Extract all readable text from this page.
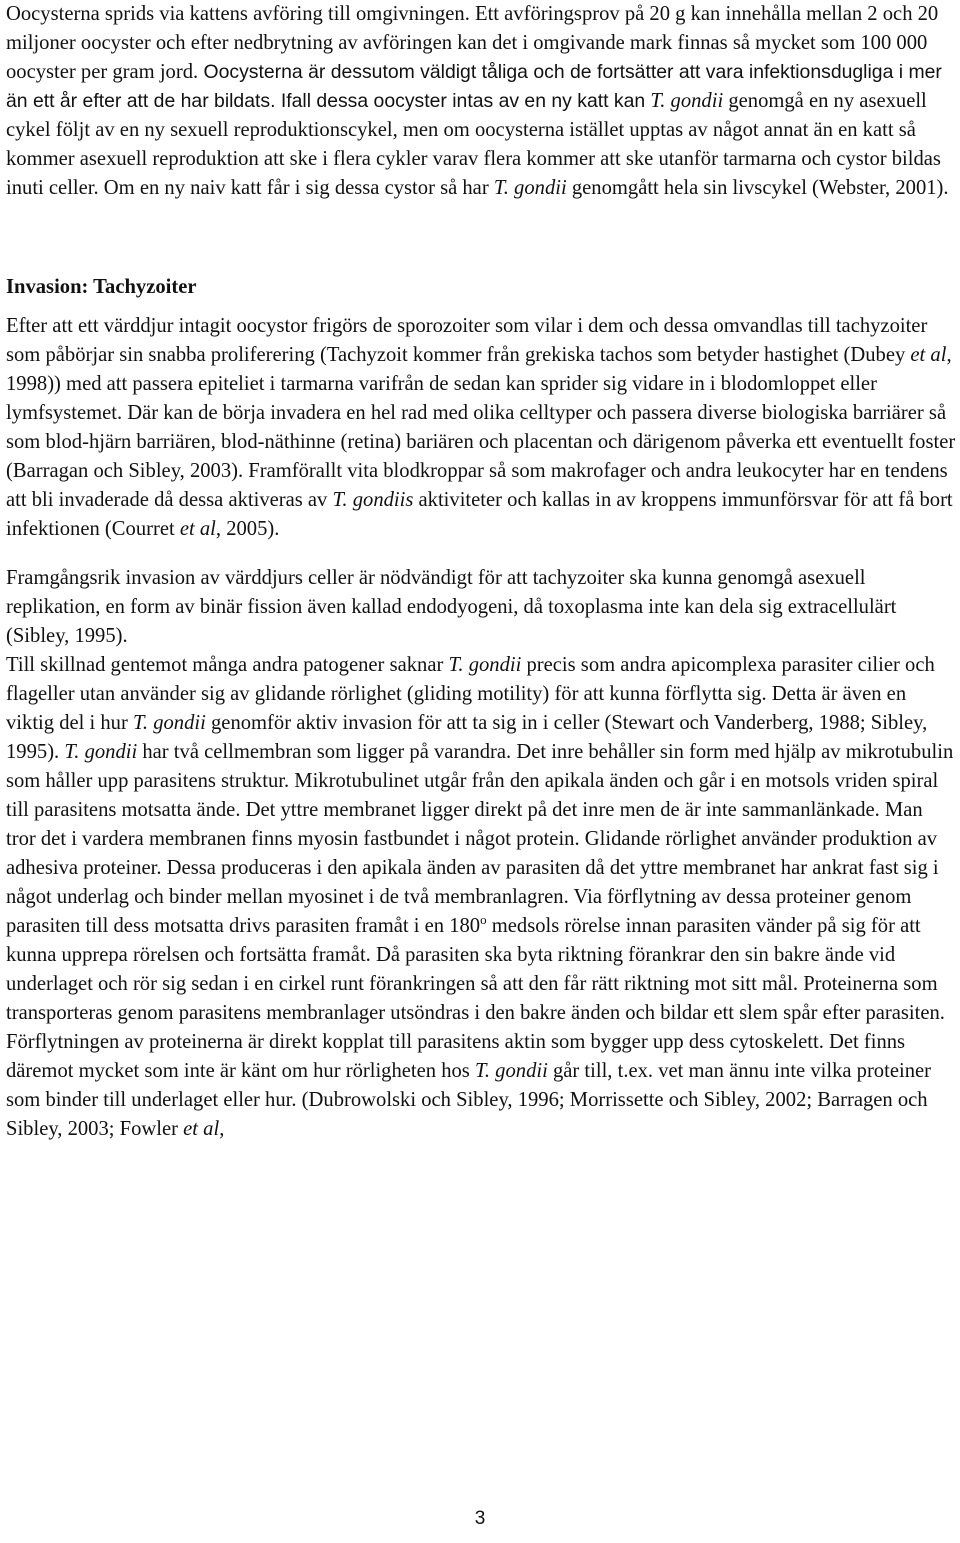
Oocysterna sprids via kattens avföring till omgivningen. Ett avföringsprov på 20 g kan innehålla mellan 2 och 20 miljoner oocyster och efter nedbrytning av avföringen kan det i omgivande mark finnas så mycket som 100 000 oocyster per gram jord. Oocysterna är dessutom väldigt tåliga och de fortsätter att vara infektionsdugliga i mer än ett år efter att de har bildats. Ifall dessa oocyster intas av en ny katt kan T. gondii genomgå en ny asexuell cykel följt av en ny sexuell reproduktionscykel, men om oocysterna istället upptas av något annat än en katt så kommer asexuell reproduktion att ske i flera cykler varav flera kommer att ske utanför tarmarna och cystor bildas inuti celler. Om en ny naiv katt får i sig dessa cystor så har T. gondii genomgått hela sin livscykel (Webster, 2001).

Invasion: Tachyzoiter

Efter att ett värddjur intagit oocystor frigörs de sporozoiter som vilar i dem och dessa omvandlas till tachyzoiter som påbörjar sin snabba proliferering (Tachyzoit kommer från grekiska tachos som betyder hastighet (Dubey et al, 1998)) med att passera epiteliet i tarmarna varifrån de sedan kan sprider sig vidare in i blodomloppet eller lymfsystemet. Där kan de börja invadera en hel rad med olika celltyper och passera diverse biologiska barriärer så som blod-hjärn barriären, blod-näthinne (retina) bariären och placentan och därigenom påverka ett eventuellt foster (Barragan och Sibley, 2003). Framförallt vita blodkroppar så som makrofager och andra leukocyter har en tendens att bli invaderade då dessa aktiveras av T. gondiis aktiviteter och kallas in av kroppens immunförsvar för att få bort infektionen (Courret et al, 2005).

Framgångsrik invasion av värddjurs celler är nödvändigt för att tachyzoiter ska kunna genomgå asexuell replikation, en form av binär fission även kallad endodyogeni, då toxoplasma inte kan dela sig extracellulärt (Sibley, 1995).

Till skillnad gentemot många andra patogener saknar T. gondii precis som andra apicomplexa parasiter cilier och flageller utan använder sig av glidande rörlighet (gliding motility) för att kunna förflytta sig. Detta är även en viktig del i hur T. gondii genomför aktiv invasion för att ta sig in i celler (Stewart och Vanderberg, 1988; Sibley, 1995). T. gondii har två cellmembran som ligger på varandra. Det inre behåller sin form med hjälp av mikrotubulin som håller upp parasitens struktur. Mikrotubulinet utgår från den apikala änden och går i en motsols vriden spiral till parasitens motsatta ände. Det yttre membranet ligger direkt på det inre men de är inte sammanlänkade. Man tror det i vardera membranen finns myosin fastbundet i något protein. Glidande rörlighet använder produktion av adhesiva proteiner. Dessa produceras i den apikala änden av parasiten då det yttre membranet har ankrat fast sig i något underlag och binder mellan myosinet i de två membranlagren. Via förflytning av dessa proteiner genom parasiten till dess motsatta drivs parasiten framåt i en 180$^o$ medsols rörelse innan parasiten vänder på sig för att kunna upprepa rörelsen och fortsätta framåt. Då parasiten ska byta riktning förankrar den sin bakre ände vid underlaget och rör sig sedan i en cirkel runt förankringen så att den får rätt riktning mot sitt mål. Proteinerna som transporteras genom parasitens membranlager utsöndras i den bakre änden och bildar ett slem spår efter parasiten. Förflytningen av proteinerna är direkt kopplat till parasitens aktin som bygger upp dess cytoskelett. Det finns däremot mycket som inte är känt om hur rörligheten hos T. gondii går till, t.ex. vet man ännu inte vilka proteiner som binder till underlaget eller hur. (Dubrowolski och Sibley, 1996; Morrissette och Sibley, 2002; Barragen och Sibley, 2003; Fowler et al,

3
